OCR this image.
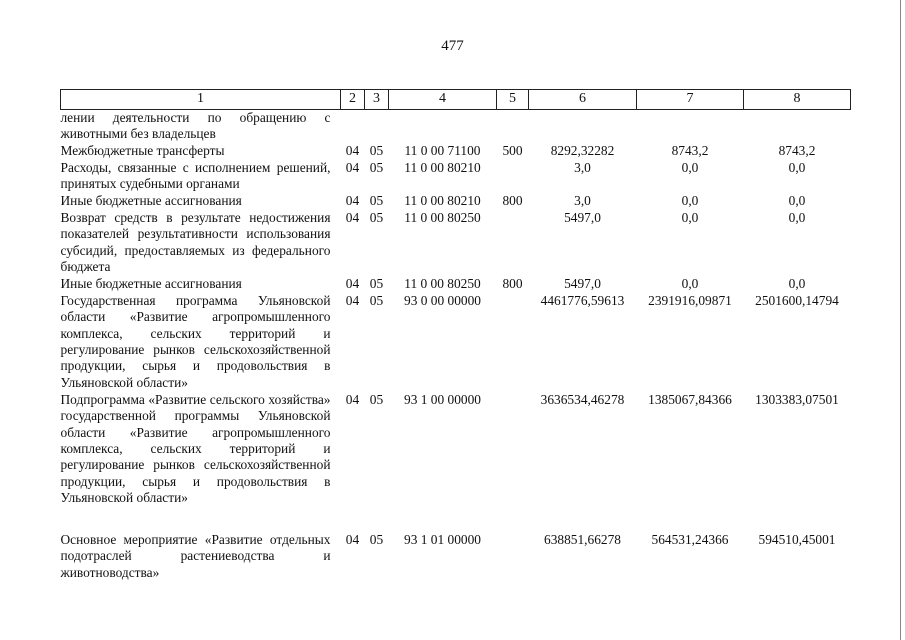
477
1	2	3	4	5	6	7	8
лении деятельности по обращению с животными без владельцев							
Межбюджетные трансферты	04	05	11 0 00 71100	500	8292,32282	8743,2	8743,2
Расходы, связанные с исполнением решений, принятых судебными органами	04	05	11 0 00 80210		3,0	0,0	0,0
Иные бюджетные ассигнования	04	05	11 0 00 80210	800	3,0	0,0	0,0
Возврат средств в результате недостижения показателей результативности использования субсидий, предоставляемых из федерального бюджета	04	05	11 0 00 80250		5497,0	0,0	0,0
Иные бюджетные ассигнования	04	05	11 0 00 80250	800	5497,0	0,0	0,0
Государственная программа Ульяновской области «Развитие агропромышленного комплекса, сельских территорий и регулирование рынков сельскохозяйственной продукции, сырья и продовольствия в Ульяновской области»	04	05	93 0 00 00000		4461776,59613	2391916,09871	2501600,14794
Подпрограмма «Развитие сельского хозяйства» государственной программы Ульяновской области «Развитие агропромышленного комплекса, сельских территорий и регулирование рынков сельскохозяйственной продукции, сырья и продовольствия в Ульяновской области»	04	05	93 1 00 00000		3636534,46278	1385067,84366	1303383,07501
Основное мероприятие «Развитие отдельных подотраслей растениеводства и животноводства»	04	05	93 1 01 00000		638851,66278	564531,24366	594510,45001
